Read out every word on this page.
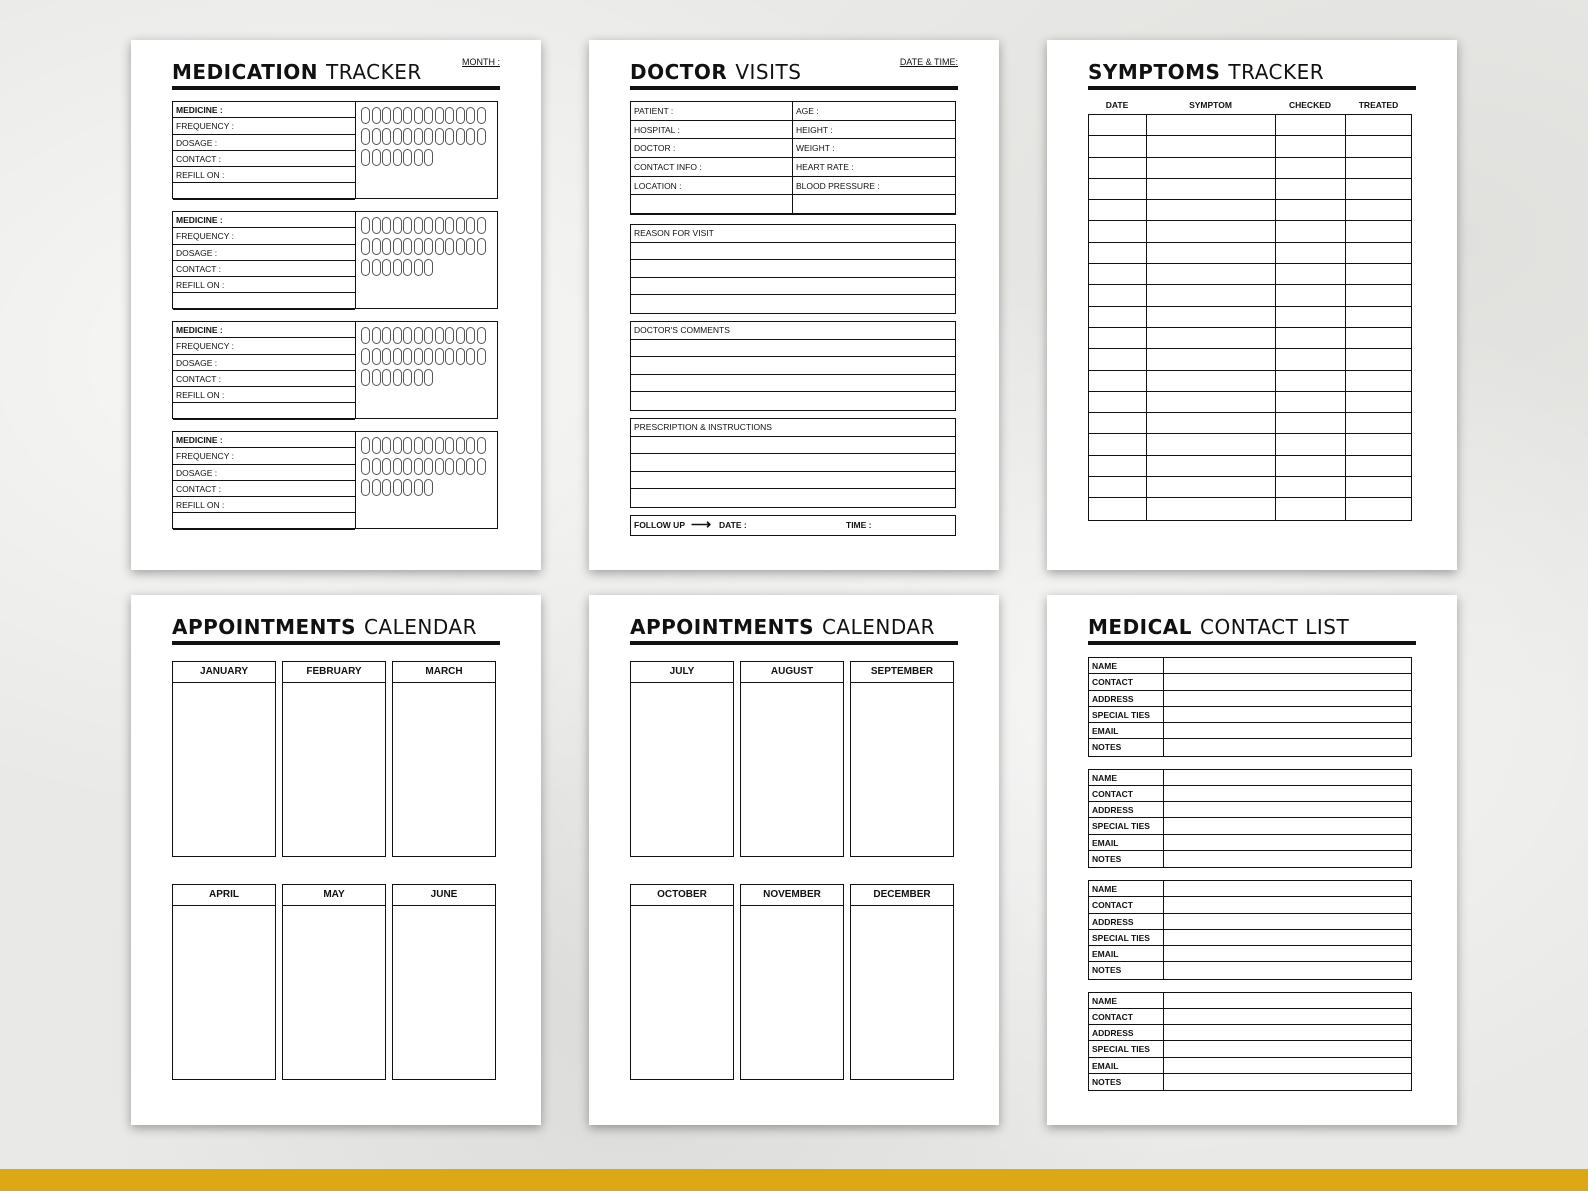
MEDICATION TRACKER	MONTH :
MEDICINE :
FREQUENCY :
DOSAGE :
CONTACT :
REFILL ON :
MEDICINE :
FREQUENCY :
DOSAGE :
CONTACT :
REFILL ON :
MEDICINE :
FREQUENCY :
DOSAGE :
CONTACT :
REFILL ON :
MEDICINE :
FREQUENCY :
DOSAGE :
CONTACT :
REFILL ON :
DOCTOR VISITS	DATE & TIME:
PATIENT :	AGE :
HOSPITAL :	HEIGHT :
DOCTOR :	WEIGHT :
CONTACT INFO :	HEART RATE :
LOCATION :	BLOOD PRESSURE :
REASON FOR VISIT
DOCTOR'S COMMENTS
PRESCRIPTION & INSTRUCTIONS
FOLLOW UP ⟶ DATE :	TIME :
SYMPTOMS TRACKER
DATE	SYMPTOM	CHECKED	TREATED
APPOINTMENTS CALENDAR
JANUARY	FEBRUARY	MARCH
APRIL	MAY	JUNE
APPOINTMENTS CALENDAR
JULY	AUGUST	SEPTEMBER
OCTOBER	NOVEMBER	DECEMBER
MEDICAL CONTACT LIST
NAME
CONTACT
ADDRESS
SPECIAL TIES
EMAIL
NOTES
NAME
CONTACT
ADDRESS
SPECIAL TIES
EMAIL
NOTES
NAME
CONTACT
ADDRESS
SPECIAL TIES
EMAIL
NOTES
NAME
CONTACT
ADDRESS
SPECIAL TIES
EMAIL
NOTES
